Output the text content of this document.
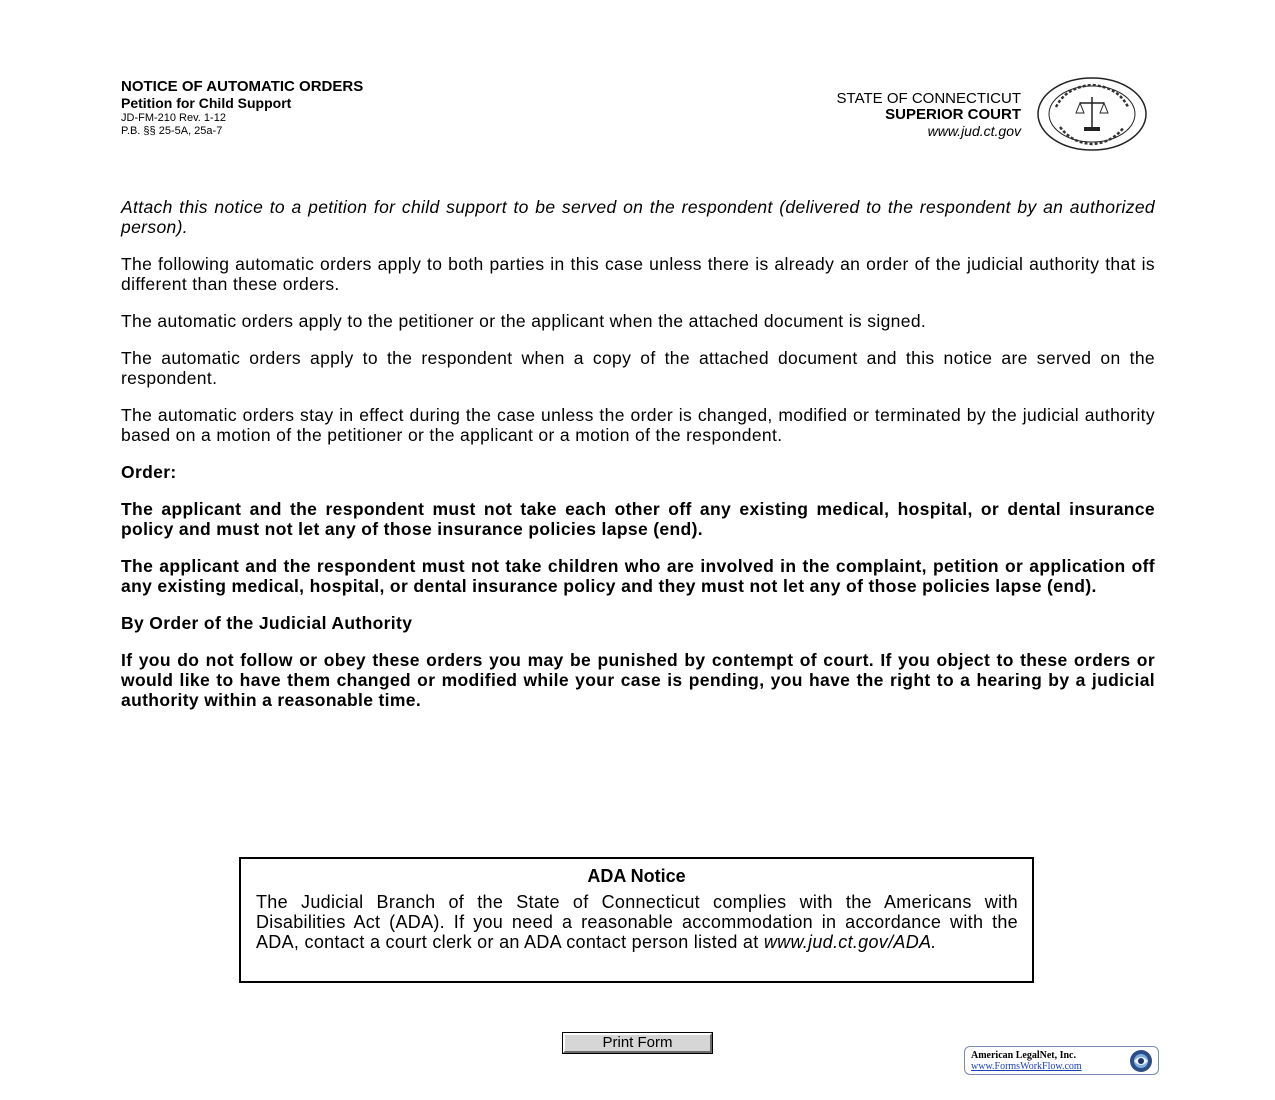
NOTICE OF AUTOMATIC ORDERS
Petition for Child Support
JD-FM-210 Rev. 1-12
P.B. §§ 25-5A, 25a-7
STATE OF CONNECTICUT
SUPERIOR COURT
www.jud.ct.gov

Attach this notice to a petition for child support to be served on the respondent (delivered to the respondent by an authorized person).

The following automatic orders apply to both parties in this case unless there is already an order of the judicial authority that is different than these orders.

The automatic orders apply to the petitioner or the applicant when the attached document is signed.

The automatic orders apply to the respondent when a copy of the attached document and this notice are served on the respondent.

The automatic orders stay in effect during the case unless the order is changed, modified or terminated by the judicial authority based on a motion of the petitioner or the applicant or a motion of the respondent.

Order:

The applicant and the respondent must not take each other off any existing medical, hospital, or dental insurance policy and must not let any of those insurance policies lapse (end).

The applicant and the respondent must not take children who are involved in the complaint, petition or application off any existing medical, hospital, or dental insurance policy and they must not let any of those policies lapse (end).

By Order of the Judicial Authority

If you do not follow or obey these orders you may be punished by contempt of court. If you object to these orders or would like to have them changed or modified while your case is pending, you have the right to a hearing by a judicial authority within a reasonable time.

ADA Notice
The Judicial Branch of the State of Connecticut complies with the Americans with Disabilities Act (ADA). If you need a reasonable accommodation in accordance with the ADA, contact a court clerk or an ADA contact person listed at www.jud.ct.gov/ADA.
Print Form
American LegalNet, Inc.
www.FormsWorkFlow.com
